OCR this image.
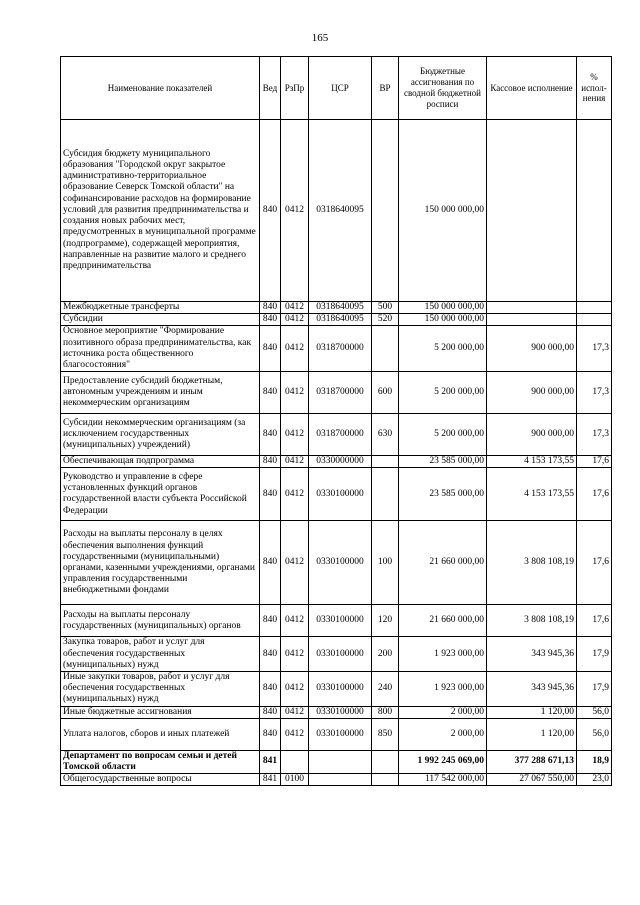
165
Наименование показателей	Вед	РзПр	ЦСР	ВР	Бюджетные ассигнования по сводной бюджетной росписи	Кассовое исполнение	% испол-нения
Субсидия бюджету муниципального образования "Городской округ закрытое административно-территориальное образование Северск Томской области" на софинансирование расходов на формирование условий для развития предпринимательства и создания новых рабочих мест, предусмотренных в муниципальной программе (подпрограмме), содержащей мероприятия, направленные на развитие малого и среднего предпринимательства	840	0412	0318640095		150 000 000,00		
Межбюджетные трансферты	840	0412	0318640095	500	150 000 000,00		
Субсидии	840	0412	0318640095	520	150 000 000,00		
Основное мероприятие "Формирование позитивного образа предпринимательства, как источника роста общественного благосостояния"	840	0412	0318700000		5 200 000,00	900 000,00	17,3
Предоставление субсидий бюджетным, автономным учреждениям и иным некоммерческим организациям	840	0412	0318700000	600	5 200 000,00	900 000,00	17,3
Субсидии некоммерческим организациям (за исключением государственных (муниципальных) учреждений)	840	0412	0318700000	630	5 200 000,00	900 000,00	17,3
Обеспечивающая подпрограмма	840	0412	0330000000		23 585 000,00	4 153 173,55	17,6
Руководство и управление в сфере установленных функций органов государственной власти субъекта Российской Федерации	840	0412	0330100000		23 585 000,00	4 153 173,55	17,6
Расходы на выплаты персоналу в целях обеспечения выполнения функций государственными (муниципальными) органами, казенными учреждениями, органами управления государственными внебюджетными фондами	840	0412	0330100000	100	21 660 000,00	3 808 108,19	17,6
Расходы на выплаты персоналу государственных (муниципальных) органов	840	0412	0330100000	120	21 660 000,00	3 808 108,19	17,6
Закупка товаров, работ и услуг для обеспечения государственных (муниципальных) нужд	840	0412	0330100000	200	1 923 000,00	343 945,36	17,9
Иные закупки товаров, работ и услуг для обеспечения государственных (муниципальных) нужд	840	0412	0330100000	240	1 923 000,00	343 945,36	17,9
Иные бюджетные ассигнования	840	0412	0330100000	800	2 000,00	1 120,00	56,0
Уплата налогов, сборов и иных платежей	840	0412	0330100000	850	2 000,00	1 120,00	56,0
Департамент по вопросам семьи и детей Томской области	841				1 992 245 069,00	377 288 671,13	18,9
Общегосударственные вопросы	841	0100			117 542 000,00	27 067 550,00	23,0
